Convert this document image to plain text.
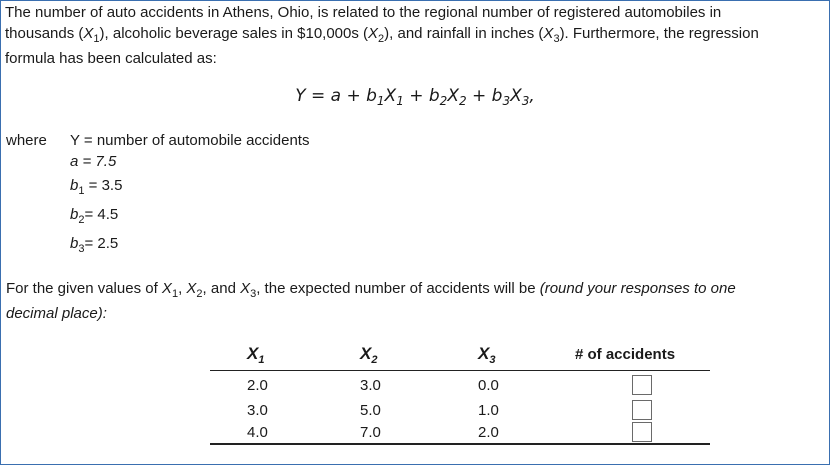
The number of auto accidents in Athens, Ohio, is related to the regional number of registered automobiles in
thousands $(X_1)$, alcoholic beverage sales in $10,000s $(X_2)$, and rainfall in inches $(X_3)$. Furthermore, the regression
formula has been calculated as:
$Y = a + b_1X_1 + b_2X_2 + b_3X_3$,
where Y = number of automobile accidents
a = 7.5
$b_1 = 3.5$
$b_2= 4.5$
$b_3= 2.5$
For the given values of $X_1$, $X_2$, and $X_3$, the expected number of accidents will be (round your responses to one
decimal place):
$X_1$	$X_2$	$X_3$	# of accidents
2.0	3.0	0.0	

3.0	5.0	1.0	

4.0	7.0	2.0	
